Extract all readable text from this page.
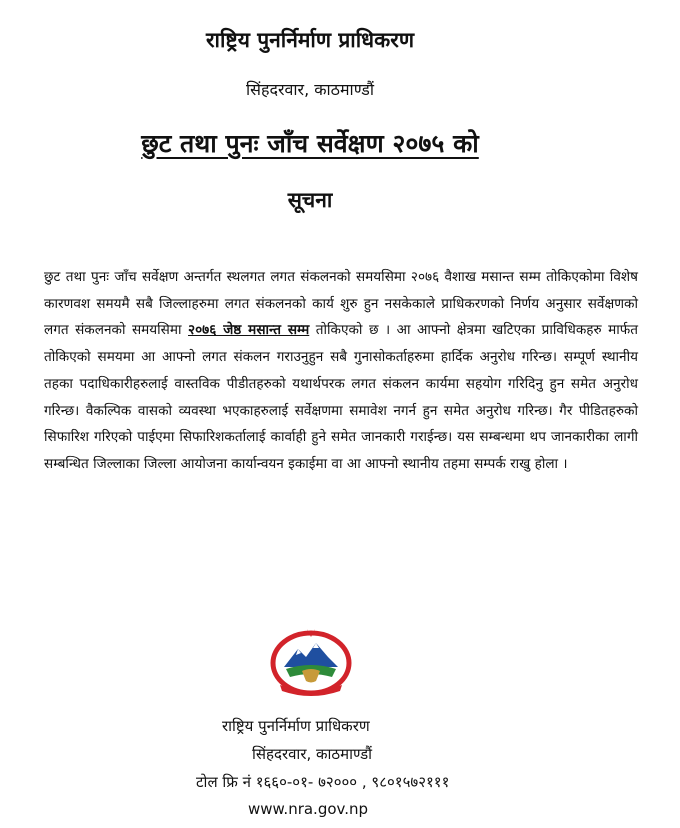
राष्ट्रिय पुनर्निर्माण प्राधिकरण
सिंहदरवार, काठमाण्डौं
छुट तथा पुनः जाँच सर्वेक्षण २०७५ को
सूचना
छुट तथा पुनः जाँच सर्वेक्षण अन्तर्गत स्थलगत लगत संकलनको समयसिमा २०७६ वैशाख मसान्त सम्म तोकिएकोमा विशेष कारणवश समयमै सबै जिल्लाहरुमा लगत संकलनको कार्य शुरु हुन नसकेकाले प्राधिकरणको निर्णय अनुसार सर्वेक्षणको लगत संकलनको समयसिमा २०७६ जेष्ठ मसान्त सम्म तोकिएको छ । आ आफ्नो क्षेत्रमा खटिएका प्राविधिकहरु मार्फत तोकिएको समयमा आ आफ्नो लगत संकलन गराउनुहुन सबै गुनासोकर्ताहरुमा हार्दिक अनुरोध गरिन्छ। सम्पूर्ण स्थानीय तहका पदाधिकारीहरुलाई वास्तविक पीडीतहरुको यथार्थपरक लगत संकलन कार्यमा सहयोग गरिदिनु हुन समेत अनुरोध गरिन्छ। वैकल्पिक वासको व्यवस्था भएकाहरुलाई सर्वेक्षणमा समावेश नगर्न हुन समेत अनुरोध गरिन्छ। गैर पीडितहरुको सिफारिश गरिएको पाईएमा सिफारिशकर्तालाई कार्वाही हुने समेत जानकारी गराईन्छ। यस सम्बन्धमा थप जानकारीका लागी सम्बन्धित जिल्लाका जिल्ला आयोजना कार्यान्वयन इकाईमा वा आ आफ्नो स्थानीय तहमा सम्पर्क राखु होला ।
राष्ट्रिय पुनर्निर्माण प्राधिकरण
सिंहदरवार, काठमाण्डौं
टोल फ्रि नं १६६०-०१- ७२००० , ९८०१५७२१११
www.nra.gov.np
